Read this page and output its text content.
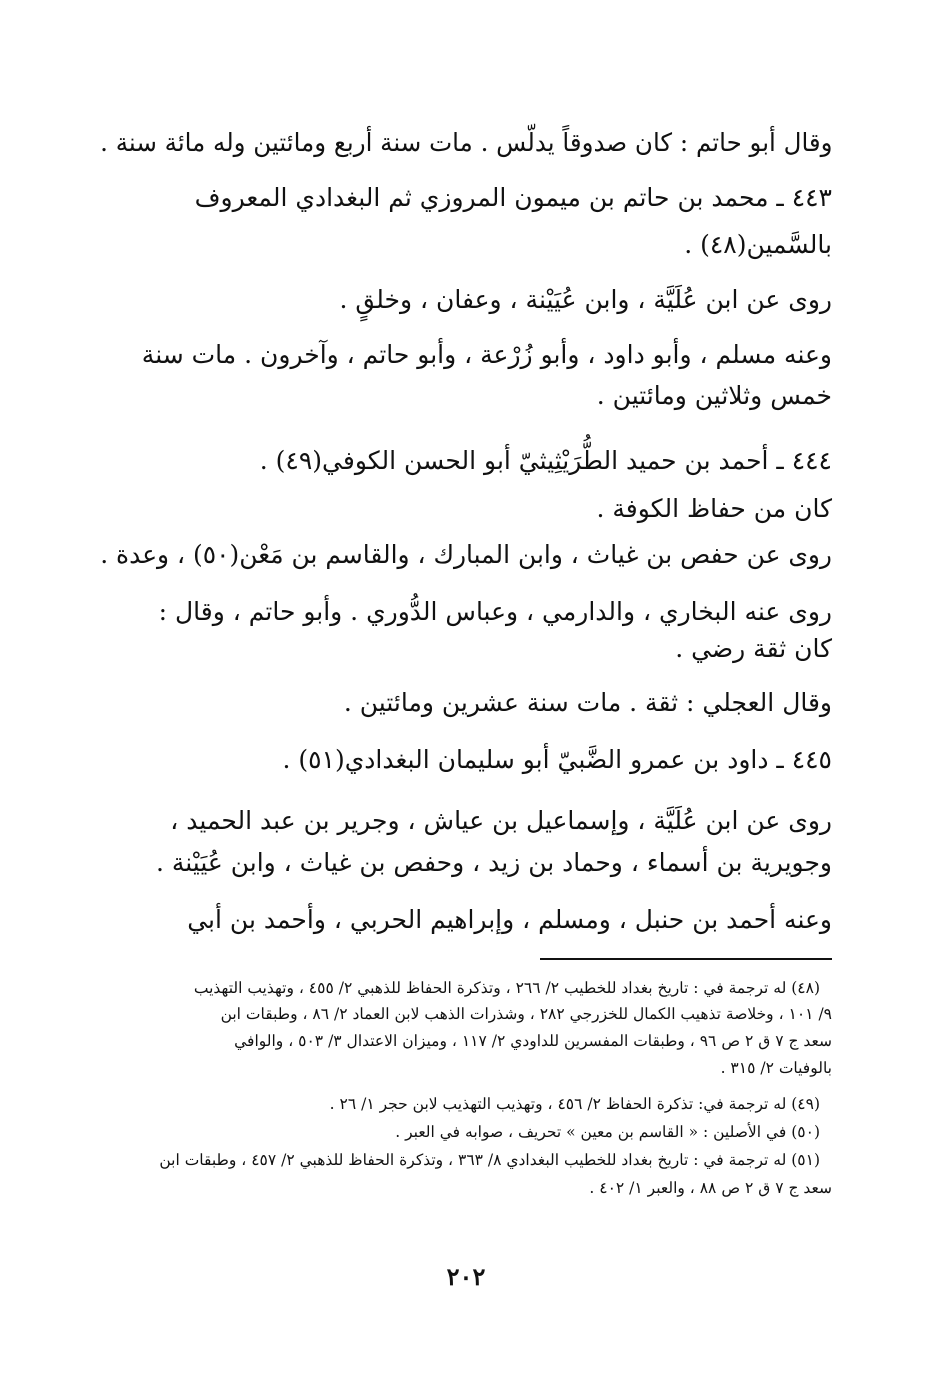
وقال أبو حاتم : كان صدوقاً يدلّس . مات سنة أربع ومائتين وله مائة سنة .
٤٤٣ ـ محمد بن حاتم بن ميمون المروزي ثم البغدادي المعروف
بالسَّمين(٤٨) .
روى عن ابن عُلَيَّة ، وابن عُيَيْنة ، وعفان ، وخلقٍ .
وعنه مسلم ، وأبو داود ، وأبو زُرْعة ، وأبو حاتم ، وآخرون . مات سنة
خمس وثلاثين ومائتين .
٤٤٤ ـ أحمد بن حميد الطُّرَيْثِيثيّ أبو الحسن الكوفي(٤٩) .
كان من حفاظ الكوفة .
روى عن حفص بن غياث ، وابن المبارك ، والقاسم بن مَعْن(٥٠) ، وعدة .
روى عنه البخاري ، والدارمي ، وعباس الدُّوري . وأبو حاتم ، وقال :
كان ثقة رضي .
وقال العجلي : ثقة . مات سنة عشرين ومائتين .
٤٤٥ ـ داود بن عمرو الضَّبيّ أبو سليمان البغدادي(٥١) .
روى عن ابن عُلَيَّة ، وإسماعيل بن عياش ، وجرير بن عبد الحميد ،
وجويرية بن أسماء ، وحماد بن زيد ، وحفص بن غياث ، وابن عُيَيْنة .
وعنه أحمد بن حنبل ، ومسلم ، وإبراهيم الحربي ، وأحمد بن أبي
(٤٨) له ترجمة في : تاريخ بغداد للخطيب ٢/ ٢٦٦ ، وتذكرة الحفاظ للذهبي ٢/ ٤٥٥ ، وتهذيب التهذيب
٩/ ١٠١ ، وخلاصة تذهيب الكمال للخزرجي ٢٨٢ ، وشذرات الذهب لابن العماد ٢/ ٨٦ ، وطبقات ابن
سعد ج ٧ ق ٢ ص ٩٦ ، وطبقات المفسرين للداودي ٢/ ١١٧ ، وميزان الاعتدال ٣/ ٥٠٣ ، والوافي
بالوفيات ٢/ ٣١٥ .
(٤٩) له ترجمة في: تذكرة الحفاظ ٢/ ٤٥٦ ، وتهذيب التهذيب لابن حجر ١/ ٢٦ .
(٥٠) في الأصلين : « القاسم بن معين » تحريف ، صوابه في العبر .
(٥١) له ترجمة في : تاريخ بغداد للخطيب البغدادي ٨/ ٣٦٣ ، وتذكرة الحفاظ للذهبي ٢/ ٤٥٧ ، وطبقات ابن
سعد ج ٧ ق ٢ ص ٨٨ ، والعبر ١/ ٤٠٢ .
٢٠٢
